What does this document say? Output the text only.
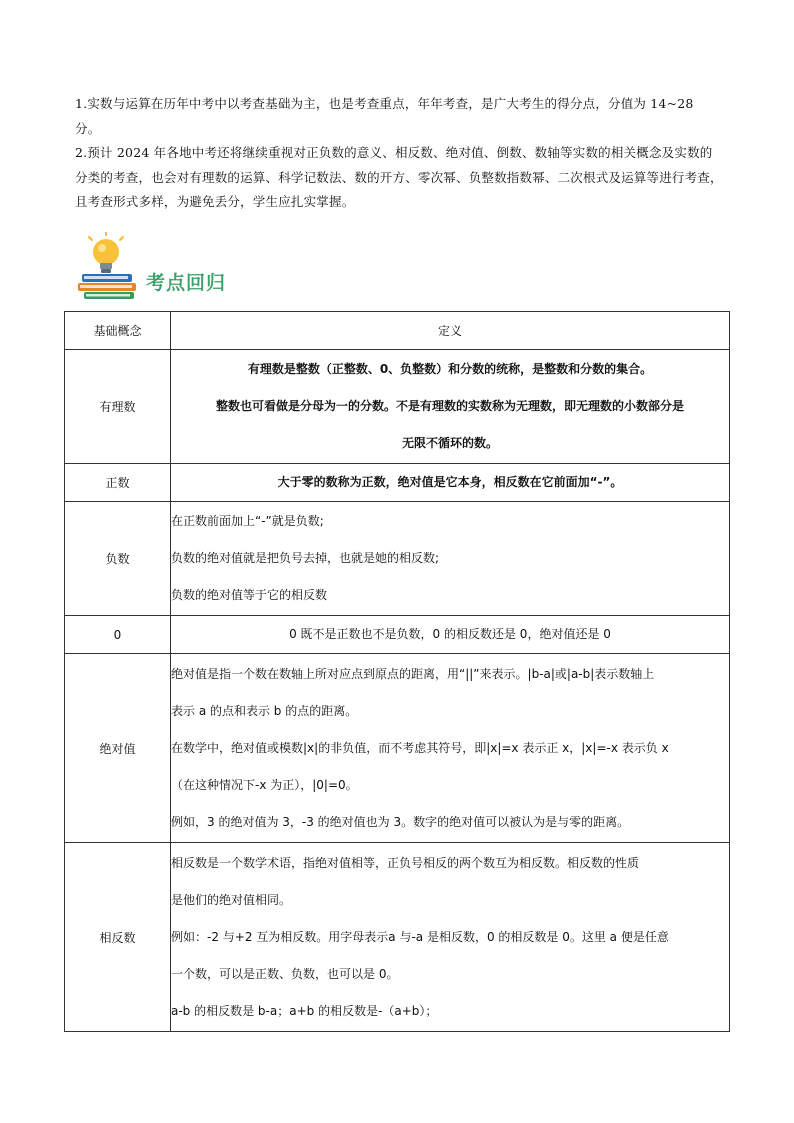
1.实数与运算在历年中考中以考查基础为主，也是考查重点，年年考查，是广大考生的得分点，分值为 14~28 分。

2.预计 2024 年各地中考还将继续重视对正负数的意义、相反数、绝对值、倒数、数轴等实数的相关概念及实数的分类的考查，也会对有理数的运算、科学记数法、数的开方、零次幂、负整数指数幂、二次根式及运算等进行考查，且考查形式多样，为避免丢分，学生应扎实掌握。

考点回归
基础概念	定义
有理数	有理数是整数（正整数、0、负整数）和分数的统称，是整数和分数的集合。
整数也可看做是分母为一的分数。不是有理数的实数称为无理数，即无理数的小数部分是
无限不循环的数。

正数	大于零的数称为正数，绝对值是它本身，相反数在它前面加“-”。

负数	在正数前面加上“-”就是负数;
负数的绝对值就是把负号去掉，也就是她的相反数;
负数的绝对值等于它的相反数

0	0 既不是正数也不是负数，0 的相反数还是 0，绝对值还是 0

绝对值	绝对值是指一个数在数轴上所对应点到原点的距离，用“||”来表示。|b-a|或|a-b|表示数轴上
表示 a 的点和表示 b 的点的距离。
在数学中，绝对值或模数|x|的非负值，而不考虑其符号，即|x|=x 表示正 x，|x|=-x 表示负 x
（在这种情况下-x 为正），|0|=0。
例如，3 的绝对值为 3，-3 的绝对值也为 3。数字的绝对值可以被认为是与零的距离。

相反数	相反数是一个数学术语，指绝对值相等，正负号相反的两个数互为相反数。相反数的性质
是他们的绝对值相同。
例如：-2 与+2 互为相反数。用字母表示a 与-a 是相反数，0 的相反数是 0。这里 a 便是任意
一个数，可以是正数、负数，也可以是 0。
a-b 的相反数是 b-a；a+b 的相反数是-（a+b）；
